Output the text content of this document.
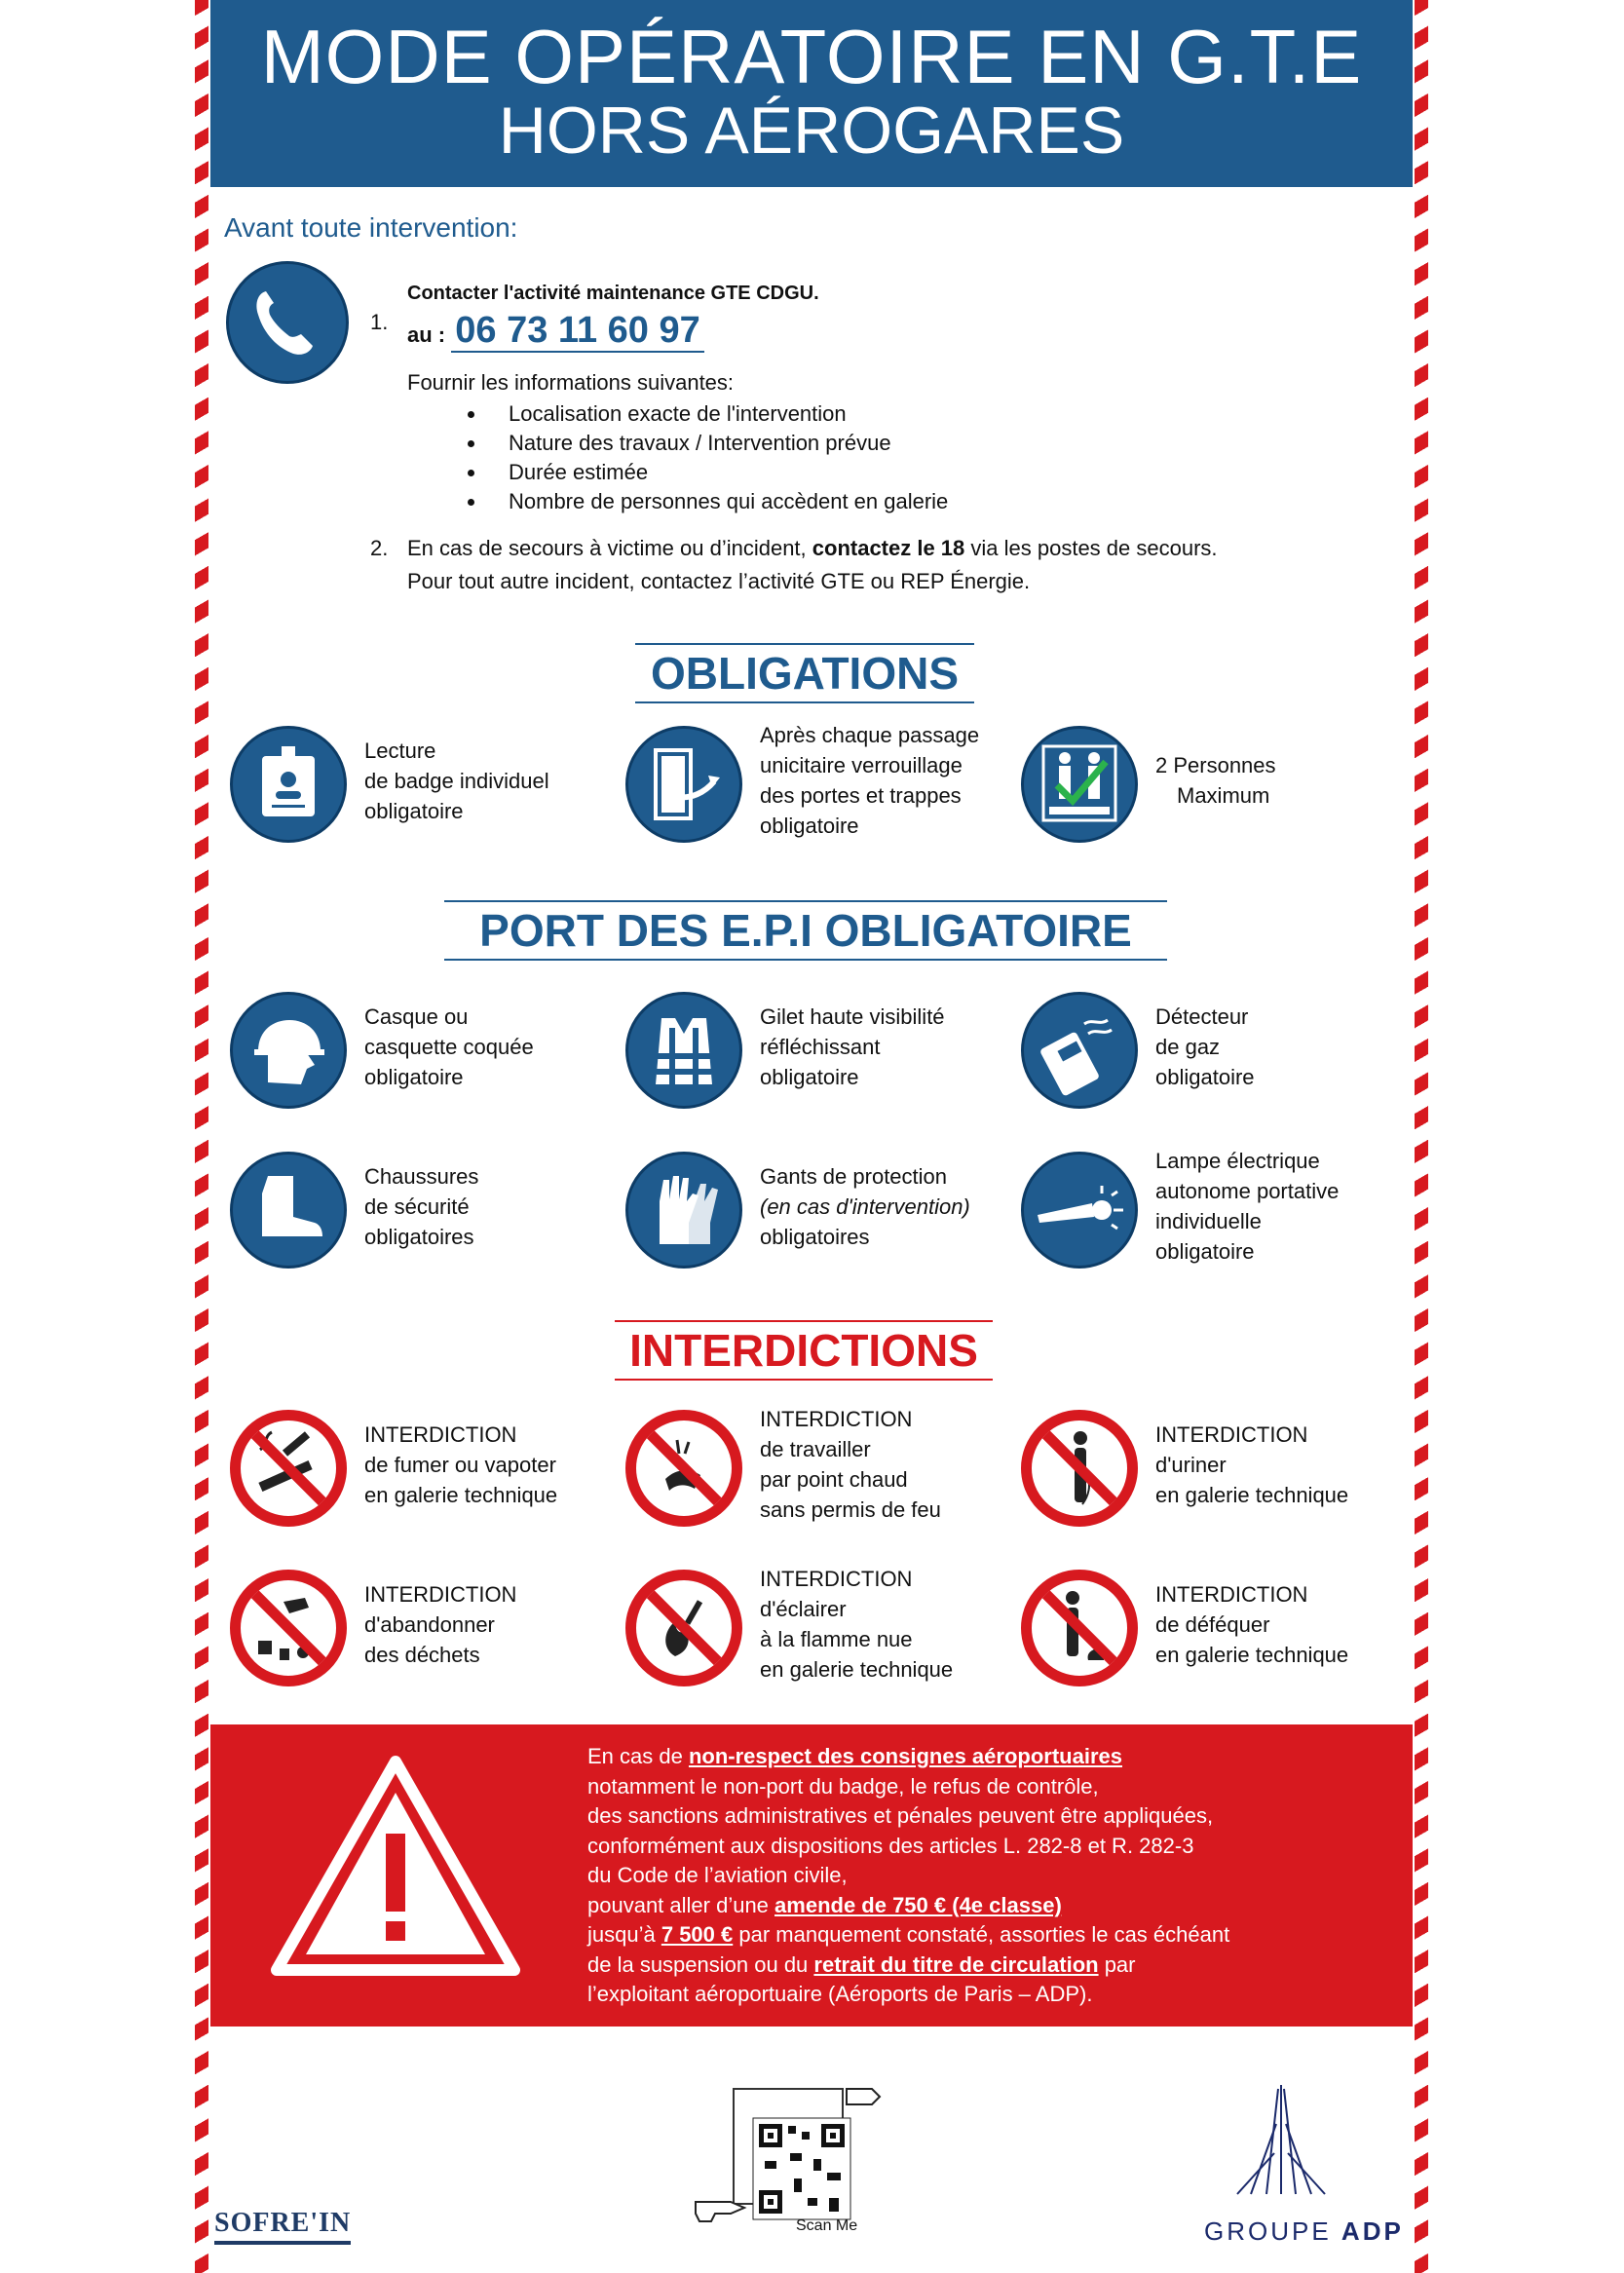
MODE OPÉRATOIRE EN G.T.E
HORS AÉROGARES
Avant toute intervention:
1.
Contacter l'activité maintenance GTE CDGU.
au : 06 73 11 60 97
Fournir les informations suivantes:
• Localisation exacte de l'intervention
• Nature des travaux / Intervention prévue
• Durée estimée
• Nombre de personnes qui accèdent en galerie
2. En cas de secours à victime ou d’incident, contactez le 18 via les postes de secours.
Pour tout autre incident, contactez l’activité GTE ou REP Énergie.
OBLIGATIONS
Lecture
de badge individuel
obligatoire
Après chaque passage
unicitaire verrouillage
des portes et trappes
obligatoire
2 Personnes
Maximum
PORT DES E.P.I OBLIGATOIRE
Casque ou
casquette coquée
obligatoire
Gilet haute visibilité
réfléchissant
obligatoire
Détecteur
de gaz
obligatoire
Chaussures
de sécurité
obligatoires
Gants de protection
(en cas d'intervention)
obligatoires
Lampe électrique
autonome portative
individuelle
obligatoire
INTERDICTIONS
INTERDICTION
de fumer ou vapoter
en galerie technique
INTERDICTION
de travailler
par point chaud
sans permis de feu
INTERDICTION
d'uriner
en galerie technique
INTERDICTION
d'abandonner
des déchets
INTERDICTION
d'éclairer
à la flamme nue
en galerie technique
INTERDICTION
de déféquer
en galerie technique
En cas de non-respect des consignes aéroportuaires
notamment le non-port du badge, le refus de contrôle,
des sanctions administratives et pénales peuvent être appliquées,
conformément aux dispositions des articles L. 282-8 et R. 282-3
du Code de l’aviation civile,
pouvant aller d’une amende de 750 € (4e classe)
jusqu’à 7 500 € par manquement constaté, assorties le cas échéant
de la suspension ou du retrait du titre de circulation par
l’exploitant aéroportuaire (Aéroports de Paris – ADP).
Scan Me
SOFRE'IN	GROUPE ADP
